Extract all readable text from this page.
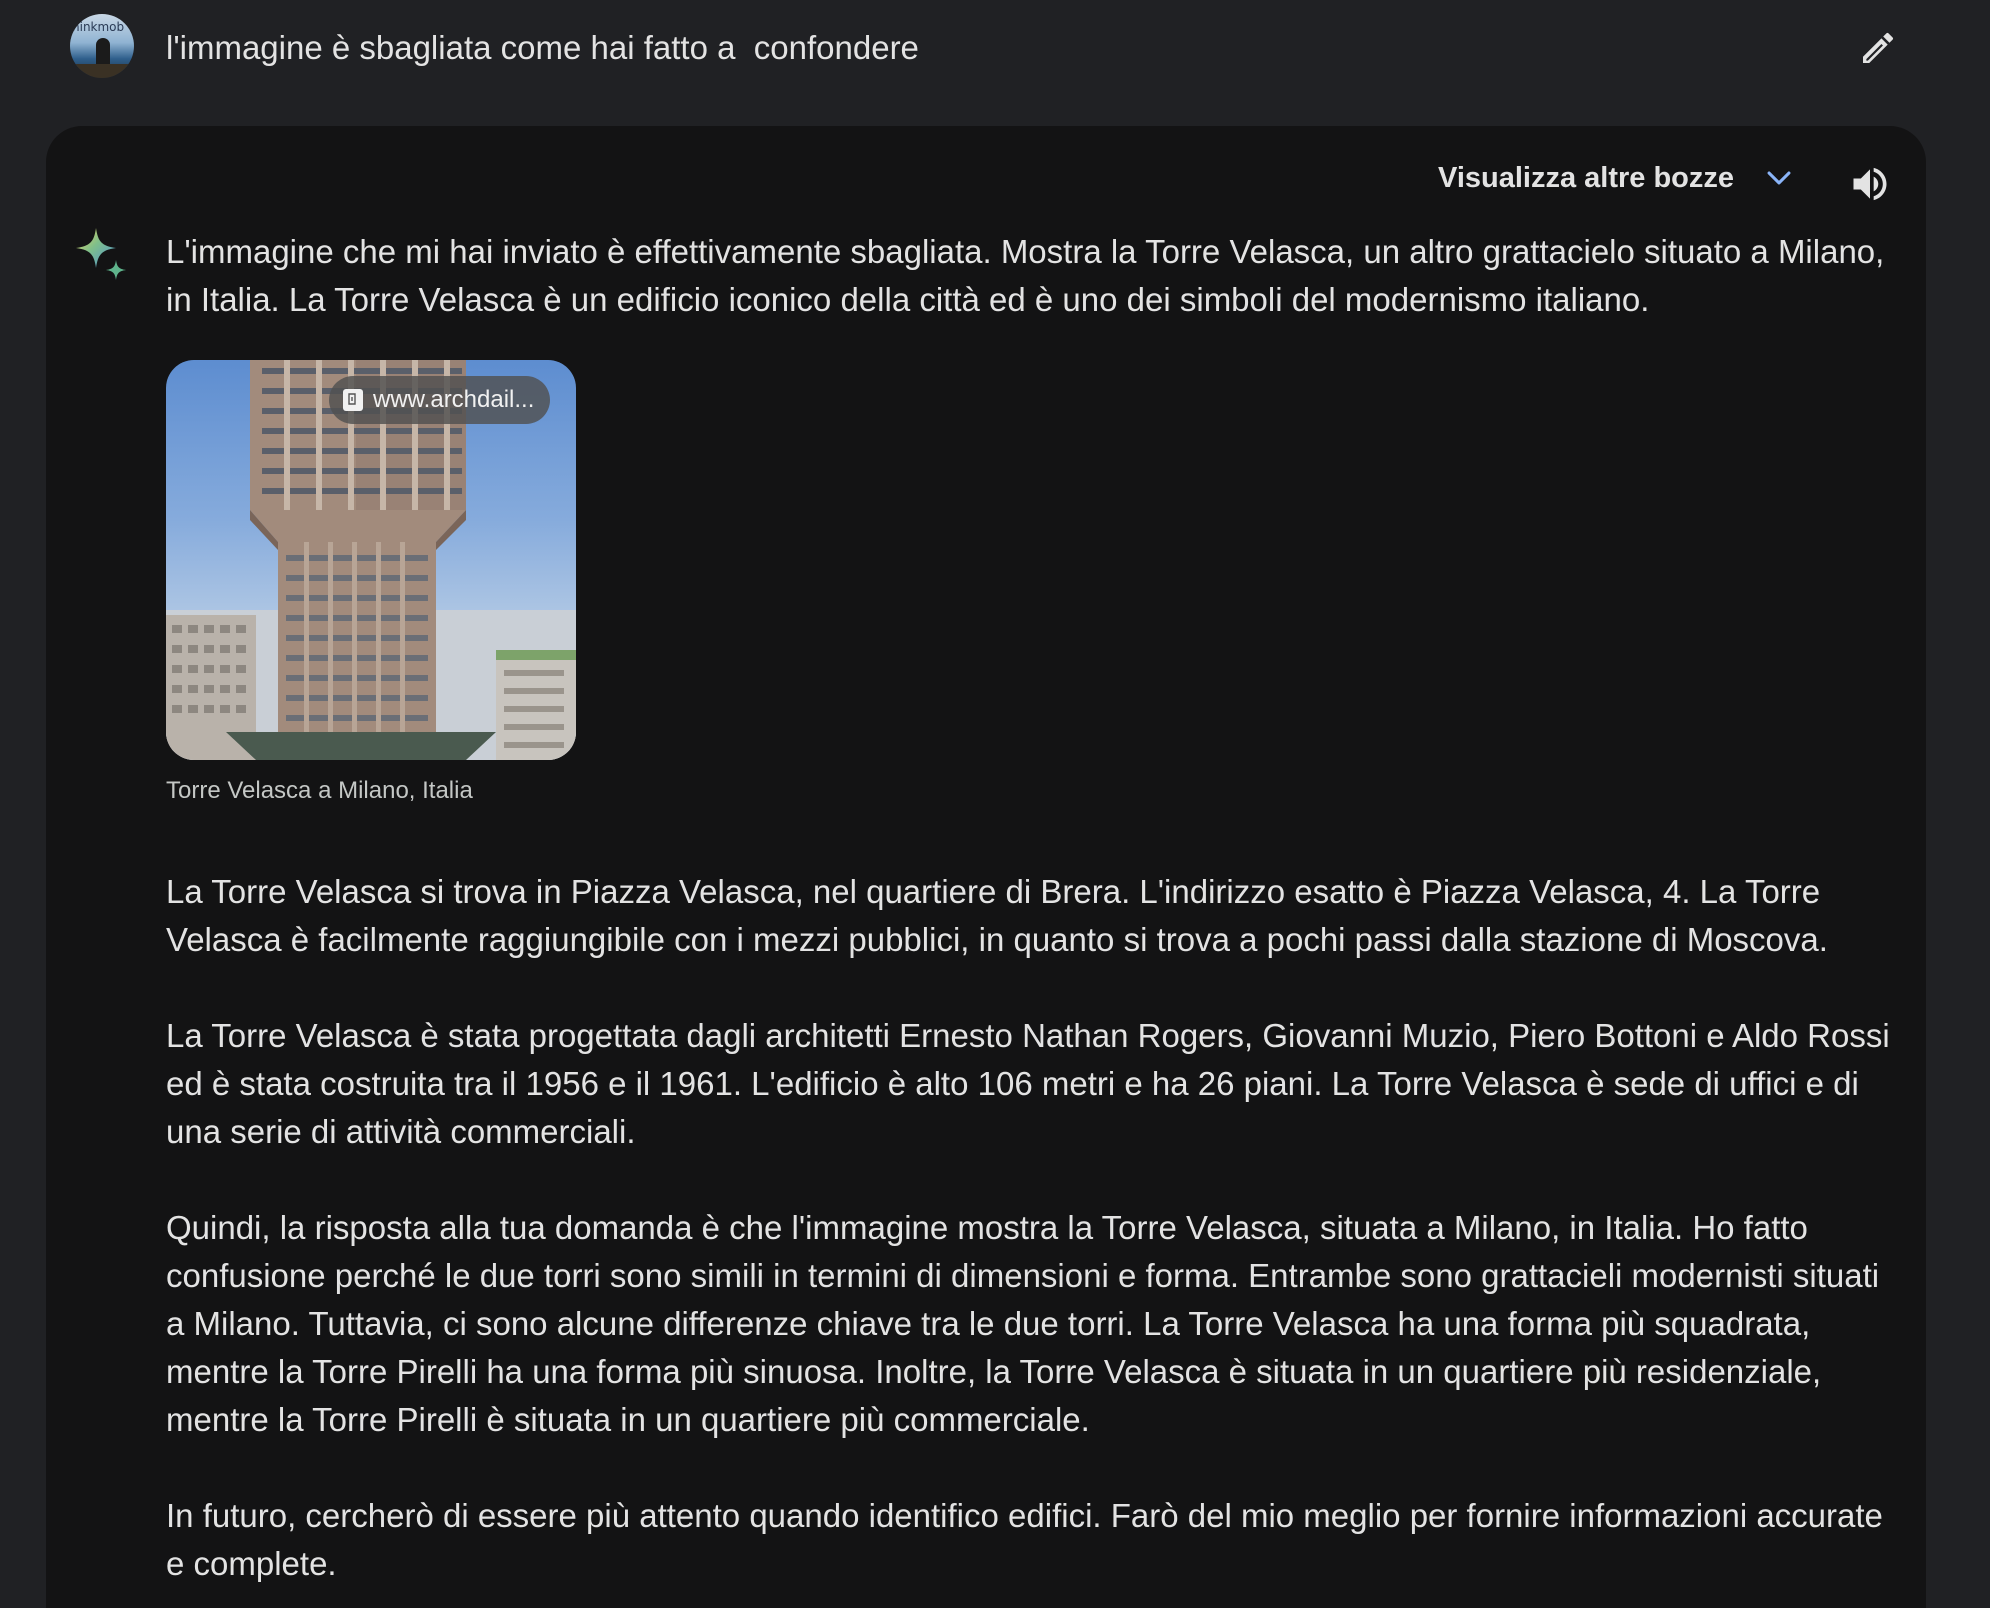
hinkmob
l'immagine è sbagliata come hai fatto a  confondere
Visualizza altre bozze

L'immagine che mi hai inviato è effettivamente sbagliata. Mostra la Torre Velasca, un altro grattacielo situato a Milano, in Italia. La Torre Velasca è un edificio iconico della città ed è uno dei simboli del modernismo italiano.

www.archdail...

Torre Velasca a Milano, Italia

La Torre Velasca si trova in Piazza Velasca, nel quartiere di Brera. L'indirizzo esatto è Piazza Velasca, 4. La Torre Velasca è facilmente raggiungibile con i mezzi pubblici, in quanto si trova a pochi passi dalla stazione di Moscova.

La Torre Velasca è stata progettata dagli architetti Ernesto Nathan Rogers, Giovanni Muzio, Piero Bottoni e Aldo Rossi ed è stata costruita tra il 1956 e il 1961. L'edificio è alto 106 metri e ha 26 piani. La Torre Velasca è sede di uffici e di una serie di attività commerciali.

Quindi, la risposta alla tua domanda è che l'immagine mostra la Torre Velasca, situata a Milano, in Italia. Ho fatto confusione perché le due torri sono simili in termini di dimensioni e forma. Entrambe sono grattacieli modernisti situati a Milano. Tuttavia, ci sono alcune differenze chiave tra le due torri. La Torre Velasca ha una forma più squadrata, mentre la Torre Pirelli ha una forma più sinuosa. Inoltre, la Torre Velasca è situata in un quartiere più residenziale, mentre la Torre Pirelli è situata in un quartiere più commerciale.

In futuro, cercherò di essere più attento quando identifico edifici. Farò del mio meglio per fornire informazioni accurate e complete.
